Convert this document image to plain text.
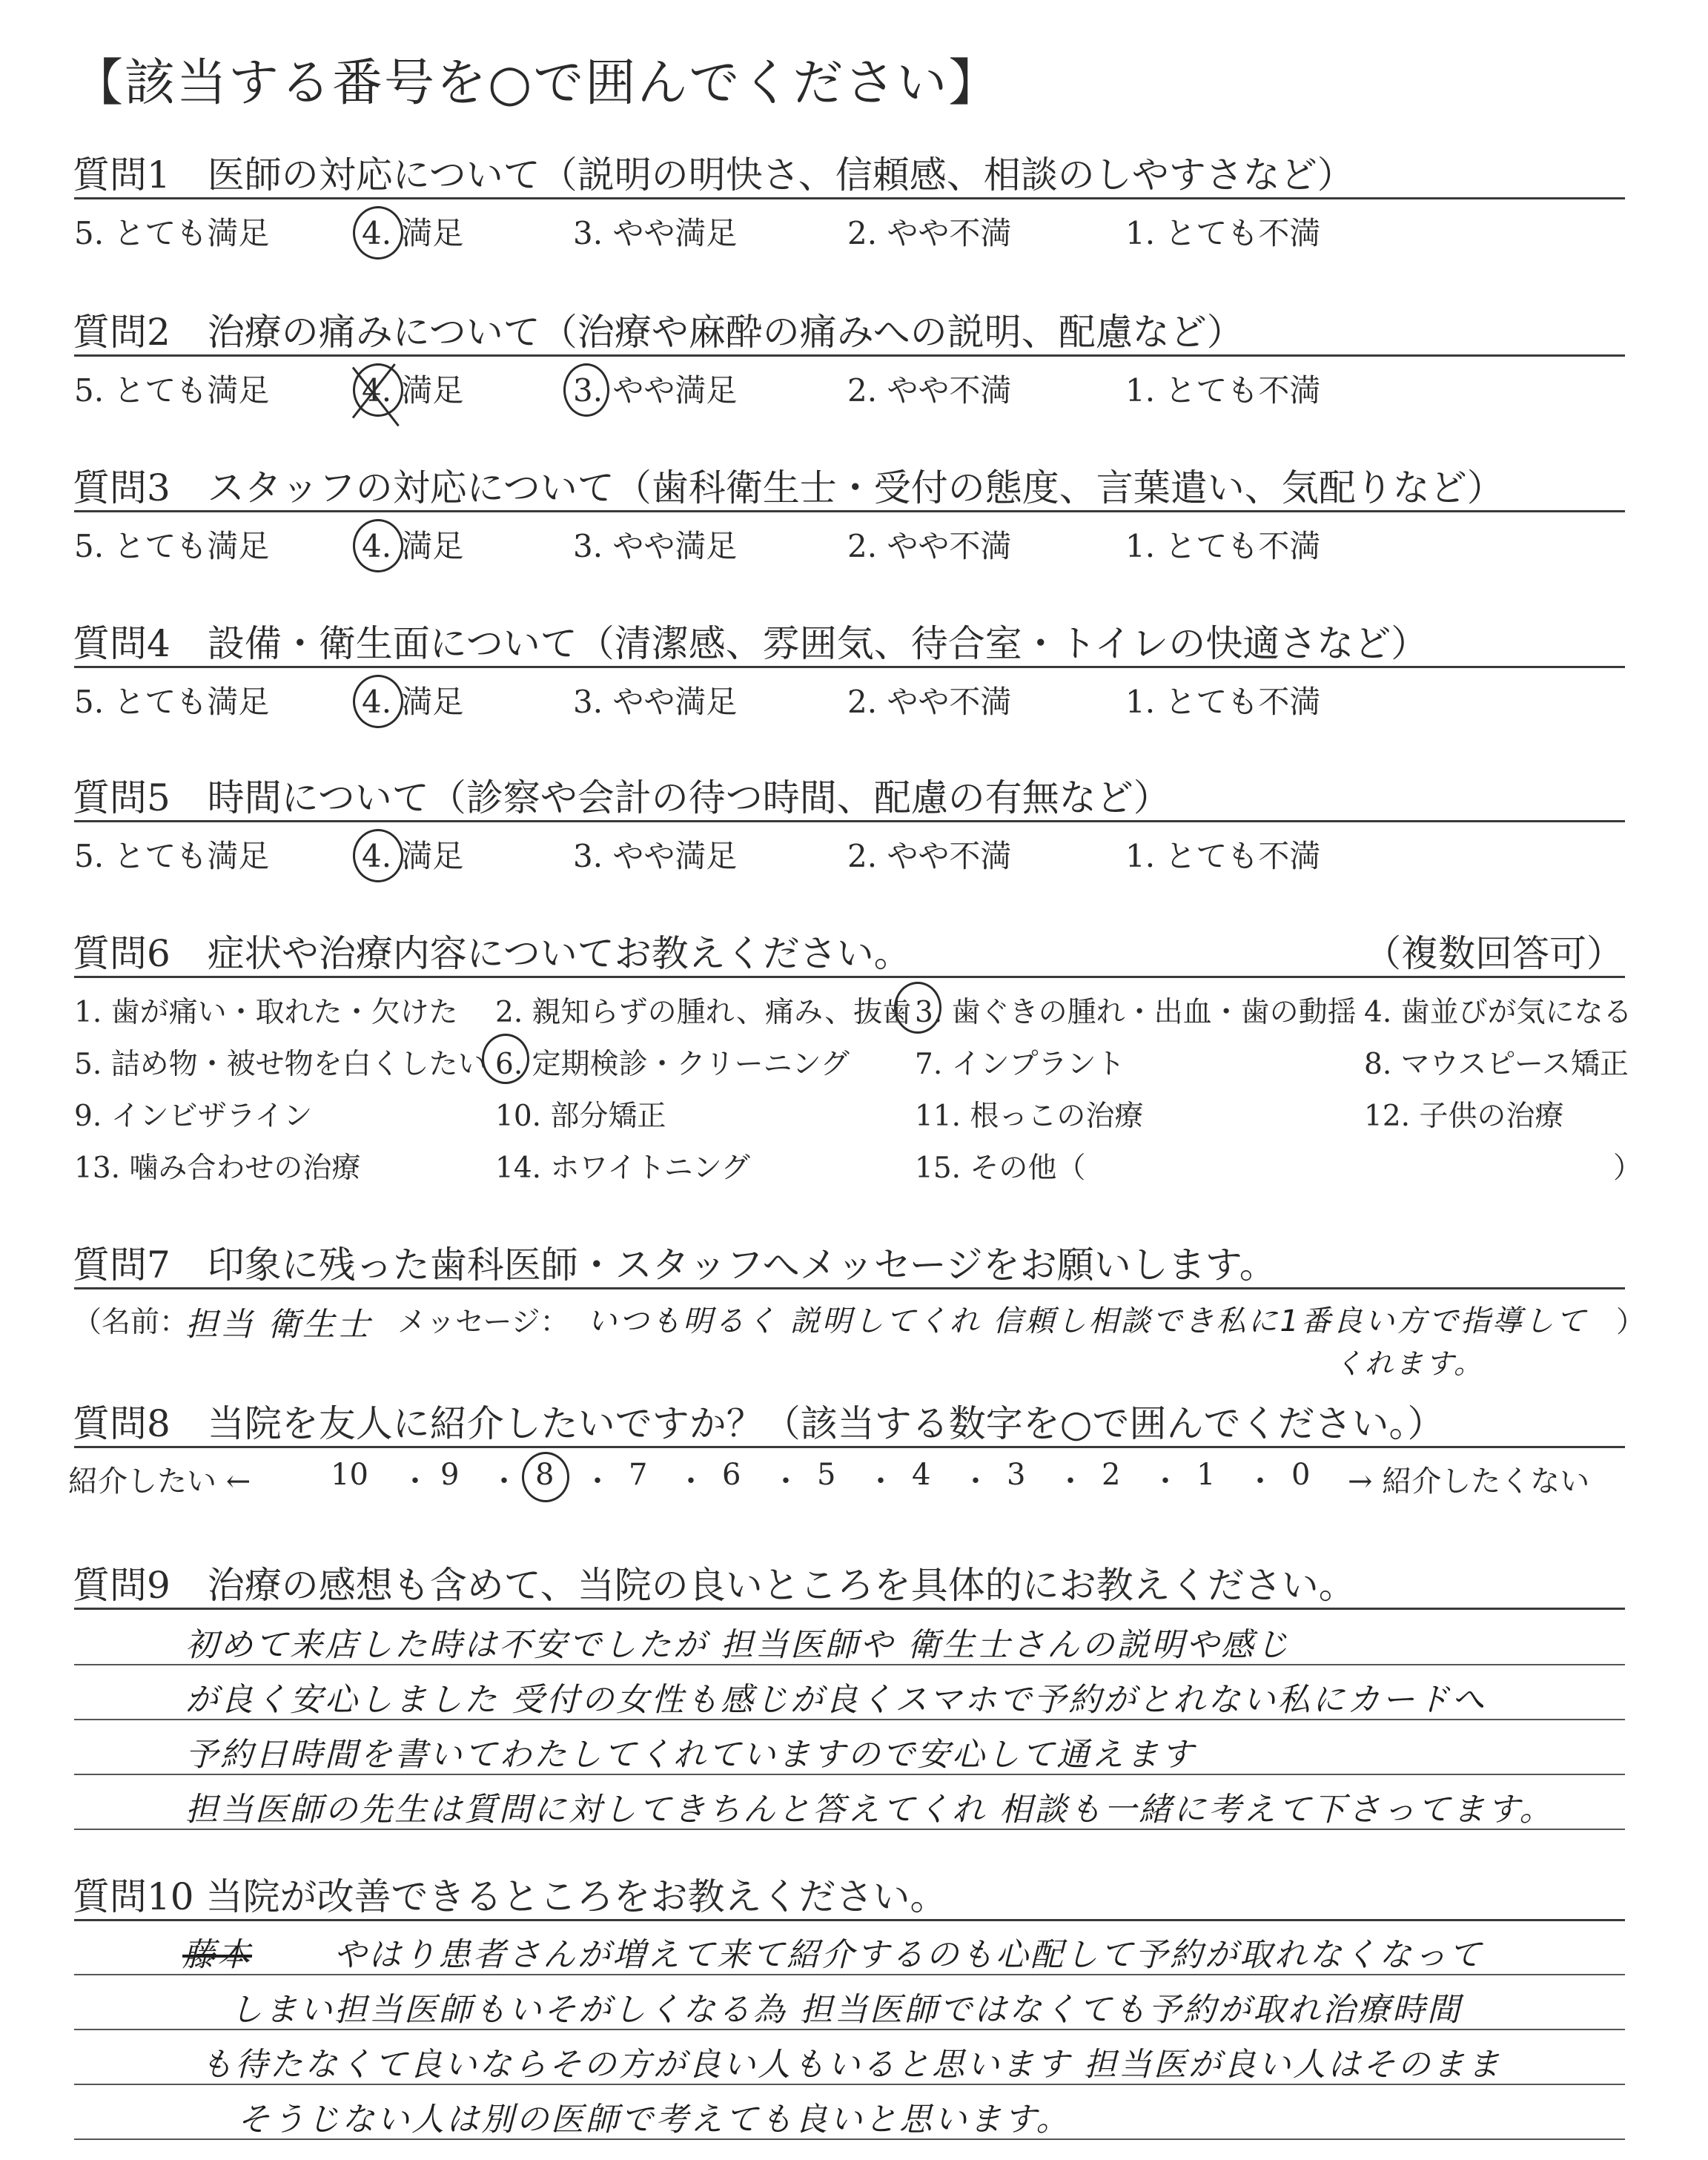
【該当する番号を○で囲んでください】
質問1　医師の対応について（説明の明快さ、信頼感、相談のしやすさなど）
5. とても満足	4. 満足	3. やや満足	2. やや不満	1. とても不満
質問2　治療の痛みについて（治療や麻酔の痛みへの説明、配慮など）
5. とても満足	4. 満足	3. やや満足	2. やや不満	1. とても不満
質問3　スタッフの対応について（歯科衛生士・受付の態度、言葉遣い、気配りなど）
5. とても満足	4. 満足	3. やや満足	2. やや不満	1. とても不満
質問4　設備・衛生面について（清潔感、雰囲気、待合室・トイレの快適さなど）
5. とても満足	4. 満足	3. やや満足	2. やや不満	1. とても不満
質問5　時間について（診察や会計の待つ時間、配慮の有無など）
5. とても満足	4. 満足	3. やや満足	2. やや不満	1. とても不満
質問6　症状や治療内容についてお教えください。	（複数回答可）
1. 歯が痛い・取れた・欠けた 2. 親知らずの腫れ、痛み、抜歯 3. 歯ぐきの腫れ・出血・歯の動揺 4. 歯並びが気になる
5. 詰め物・被せ物を白くしたい 6. 定期検診・クリーニング 7. インプラント	8. マウスピース矯正
9. インビザライン	10. 部分矯正	11. 根っこの治療	12. 子供の治療
13. 噛み合わせの治療	14. ホワイトニング	15. その他（	）
質問7　印象に残った歯科医師・スタッフへメッセージをお願いします。
（名前：
担当 衛生士 メッセージ： いつも明るく 説明してくれ 信頼し相談でき私に1番良い方で指導して ）
くれます。
質問8　当院を友人に紹介したいですか？（該当する数字を○で囲んでください。）
紹介したい ←	→ 紹介したくない
10 ・ 9 ・ 8 ・ 7 ・ 6 ・ 5 ・ 4 ・ 3 ・ 2 ・ 1 ・ 0
質問9　治療の感想も含めて、当院の良いところを具体的にお教えください。
初めて来店した時は不安でしたが 担当医師や 衛生士さんの説明や感じ
が良く安心しました 受付の女性も感じが良くスマホで予約がとれない私にカードへ
予約日時間を書いてわたしてくれていますので安心して通えます
担当医師の先生は質問に対してきちんと答えてくれ 相談も一緒に考えて下さってます。
質問10 当院が改善できるところをお教えください。
藤本	やはり患者さんが増えて来て紹介するのも心配して予約が取れなくなって
しまい担当医師もいそがしくなる為 担当医師ではなくても予約が取れ治療時間
も待たなくて良いならその方が良い人もいると思います 担当医が良い人はそのまま
そうじない人は別の医師で考えても良いと思います。
